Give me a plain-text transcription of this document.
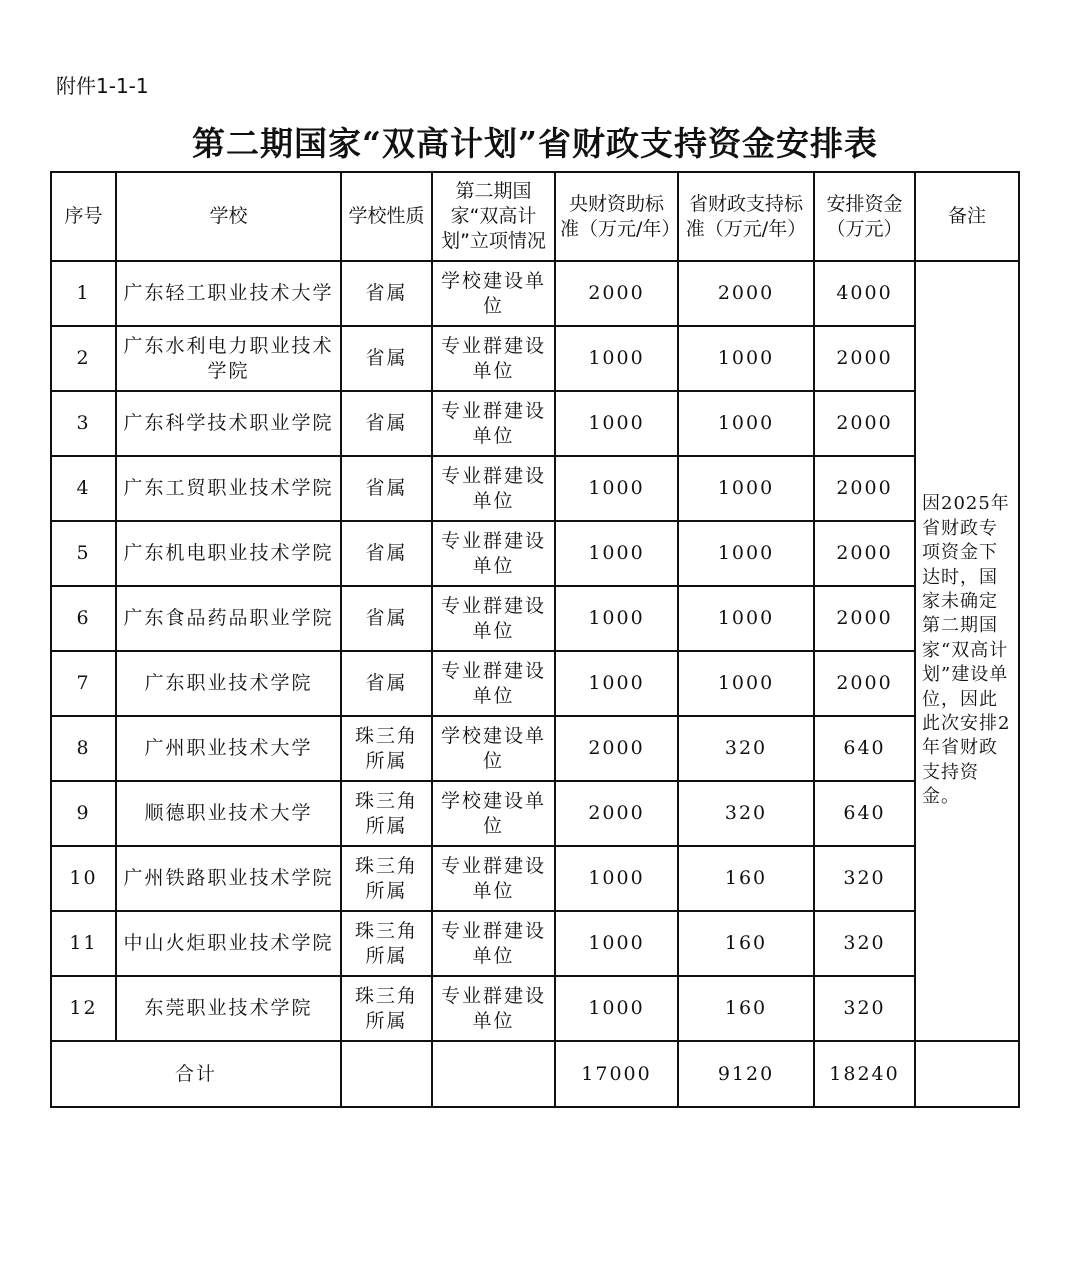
附件1-1-1
第二期国家“双高计划”省财政支持资金安排表
序号	学校	学校性质	第二期国家“双高计划”立项情况	央财资助标准（万元/年）	省财政支持标准（万元/年）	安排资金（万元）	备注
1	广东轻工职业技术大学	省属	学校建设单位	2000	2000	4000	因2025年省财政专项资金下达时，国家未确定第二期国家“双高计划”建设单位，因此此次安排2年省财政支持资金。
2	广东水利电力职业技术学院	省属	专业群建设单位	1000	1000	2000	
3	广东科学技术职业学院	省属	专业群建设单位	1000	1000	2000	
4	广东工贸职业技术学院	省属	专业群建设单位	1000	1000	2000	
5	广东机电职业技术学院	省属	专业群建设单位	1000	1000	2000	
6	广东食品药品职业学院	省属	专业群建设单位	1000	1000	2000	
7	广东职业技术学院	省属	专业群建设单位	1000	1000	2000	
8	广州职业技术大学	珠三角所属	学校建设单位	2000	320	640	
9	顺德职业技术大学	珠三角所属	学校建设单位	2000	320	640	
10	广州铁路职业技术学院	珠三角所属	专业群建设单位	1000	160	320	
11	中山火炬职业技术学院	珠三角所属	专业群建设单位	1000	160	320	
12	东莞职业技术学院	珠三角所属	专业群建设单位	1000	160	320	
合计				17000	9120	18240	
